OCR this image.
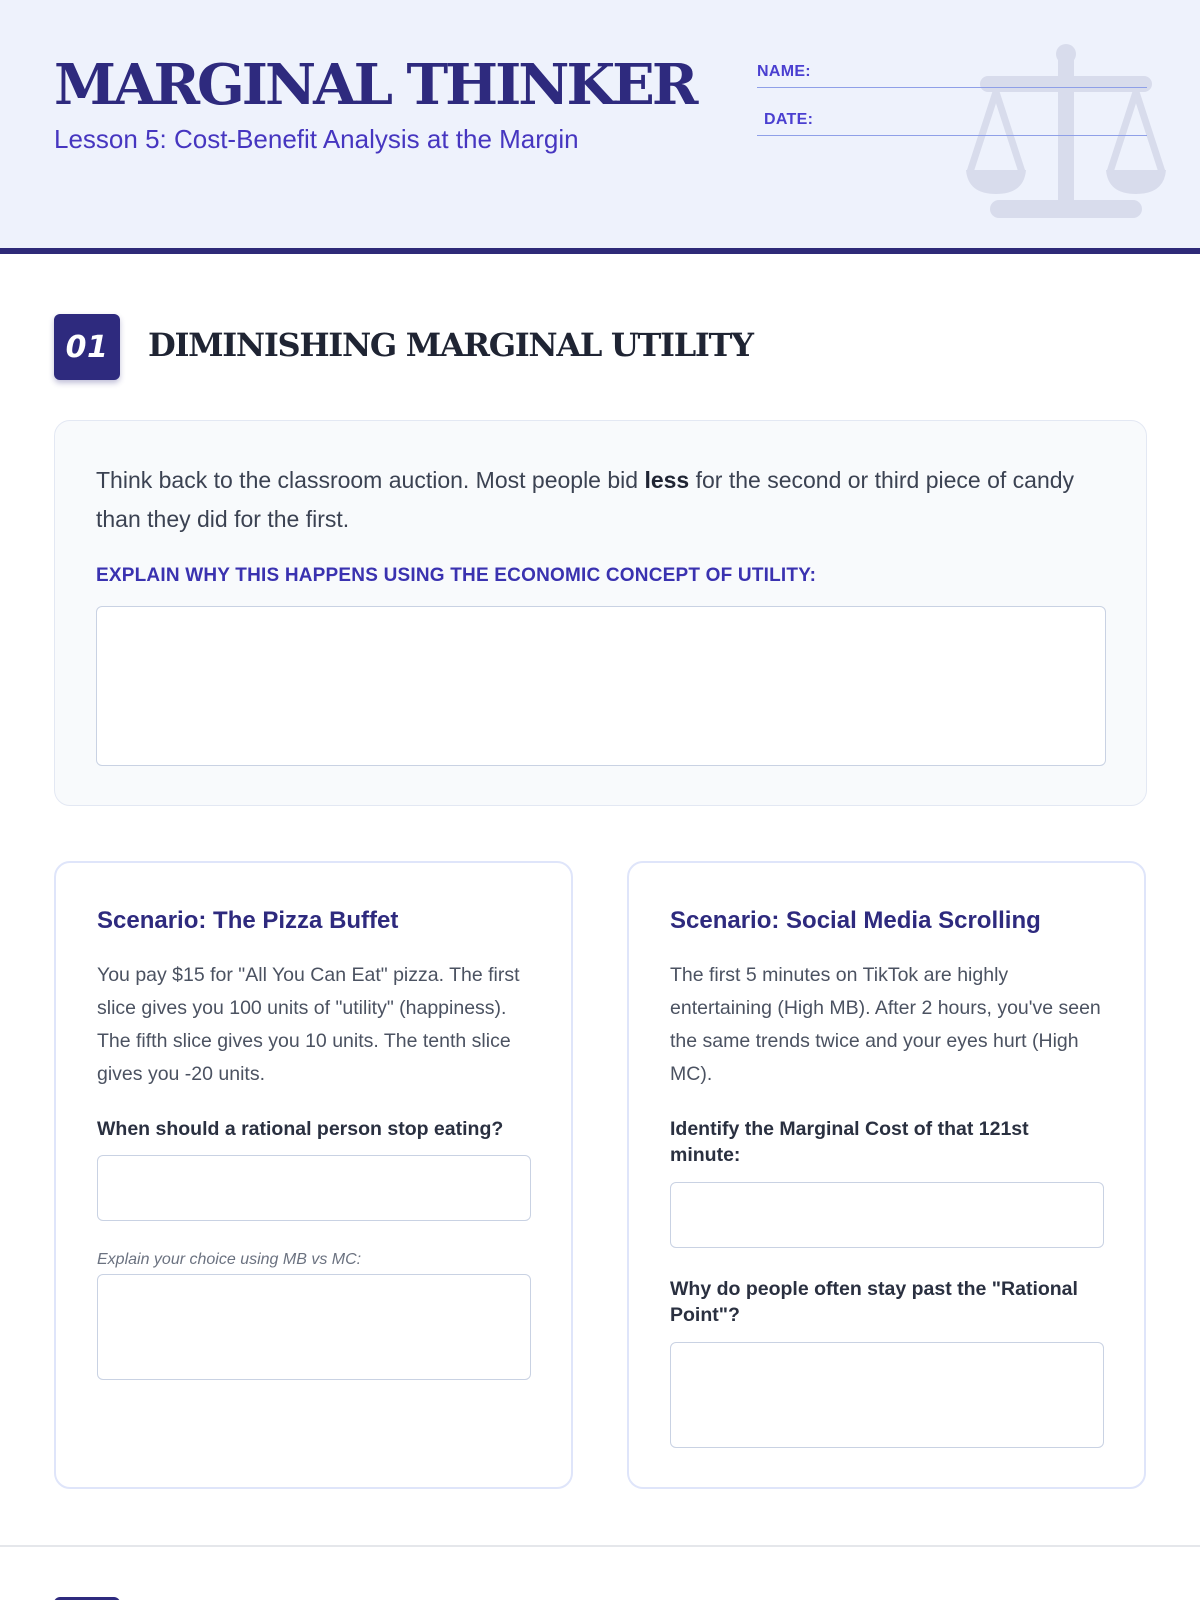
MARGINAL THINKER
Lesson 5: Cost-Benefit Analysis at the Margin
NAME:
DATE:
01	DIMINISHING MARGINAL UTILITY

Think back to the classroom auction. Most people bid less for the second or third piece of candy than they did for the first.

EXPLAIN WHY THIS HAPPENS USING THE ECONOMIC CONCEPT OF UTILITY:
Scenario: The Pizza Buffet

You pay $15 for "All You Can Eat" pizza. The first slice gives you 100 units of "utility" (happiness). The fifth slice gives you 10 units. The tenth slice gives you -20 units.

When should a rational person stop eating?
Explain your choice using MB vs MC:
Scenario: Social Media Scrolling

The first 5 minutes on TikTok are highly entertaining (High MB). After 2 hours, you've seen the same trends twice and your eyes hurt (High MC).

Identify the Marginal Cost of that 121st minute:
Why do people often stay past the "Rational Point"?
